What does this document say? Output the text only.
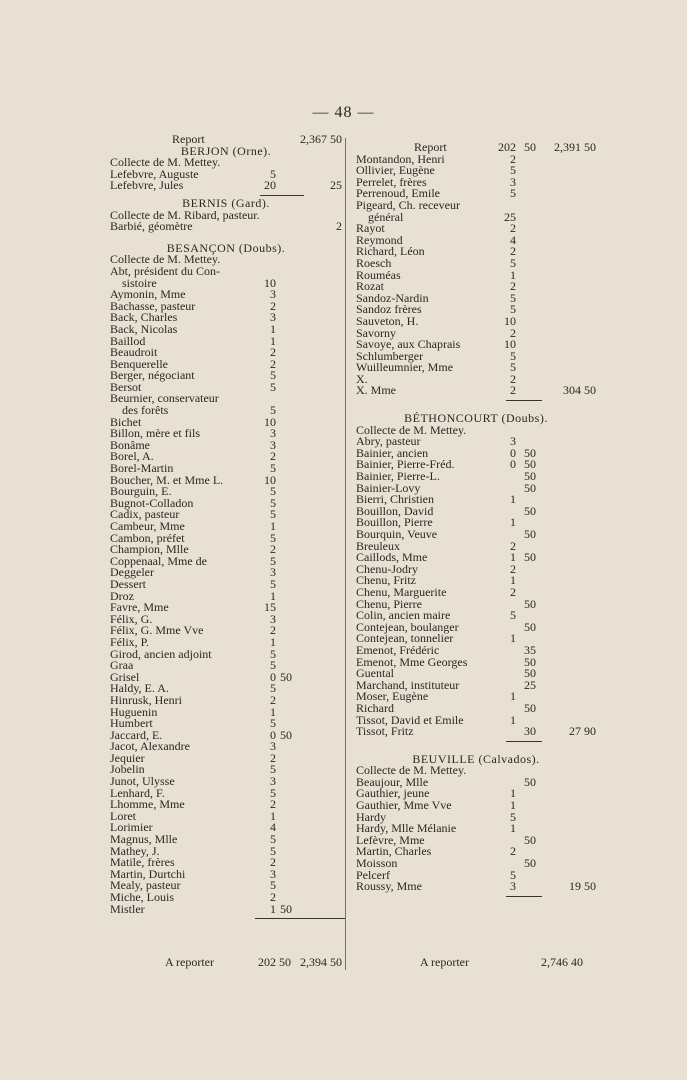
— 48 —
Report	2,367 50
BERJON (Orne).
Collecte de M. Mettey.
Lefebvre, Auguste	5
Lefebvre, Jules	20	25
BERNIS (Gard).
Collecte de M. Ribard, pasteur.
Barbié, géomètre	2
BESANÇON (Doubs).
Collecte de M. Mettey.
Abt, président du Con-
sistoire	10
Aymonin, Mme	3
Bachasse, pasteur	2
Back, Charles	3
Back, Nicolas	1
Baillod	1
Beaudroit	2
Benquerelle	2
Berger, négociant	5
Bersot	5
Beurnier, conservateur
des forêts	5
Bichet	10
Billon, mère et fils	3
Bonâme	3
Borel, A.	2
Borel-Martin	5
Boucher, M. et Mme L.	10
Bourguin, E.	5
Bugnot-Colladon	5
Cadix, pasteur	5
Cambeur, Mme	1
Cambon, préfet	5
Champion, Mlle	2
Coppenaal, Mme de	5
Deggeler	3
Dessert	5
Droz	1
Favre, Mme	15
Félix, G.	3
Félix, G. Mme Vve	2
Félix, P.	1
Girod, ancien adjoint	5
Graa	5
Grisel	0 50
Haldy, E. A.	5
Hinrusk, Henri	2
Huguenin	1
Humbert	5
Jaccard, E.	0 50
Jacot, Alexandre	3
Jequier	2
Jobelin	5
Junot, Ulysse	3
Lenhard, F.	5
Lhomme, Mme	2
Loret	1
Lorimier	4
Magnus, Mlle	5
Mathey, J.	5
Matile, frères	2
Martin, Durtchi	3
Mealy, pasteur	5
Miche, Louis	2
Mistler	1 50
Report	202 50	2,391 50
Montandon, Henri	2
Ollivier, Eugène	5
Perrelet, frères	3
Perrenoud, Emile	5
Pigeard, Ch. receveur
général	25
Rayot	2
Reymond	4
Richard, Léon	2
Roesch	5
Rouméas	1
Rozat	2
Sandoz-Nardin	5
Sandoz frères	5
Sauveton, H.	10
Savorny	2
Savoye, aux Chaprais	10
Schlumberger	5
Wuilleumnier, Mme	5
X.	2
X. Mme	2	304 50
BÉTHONCOURT (Doubs).
Collecte de M. Mettey.
Abry, pasteur	3
Bainier, ancien	0 50
Bainier, Pierre-Fréd.	0 50
Bainier, Pierre-L.	50
Bainier-Lovy	50
Bierri, Christien	1
Bouillon, David	50
Bouillon, Pierre	1
Bourquin, Veuve	50
Breuleux	2
Caillods, Mme	1 50
Chenu-Jodry	2
Chenu, Fritz	1
Chenu, Marguerite	2
Chenu, Pierre	50
Colin, ancien maire	5
Contejean, boulanger	50
Contejean, tonnelier	1
Emenot, Frédéric	35
Emenot, Mme Georges	50
Guental	50
Marchand, instituteur	25
Moser, Eugène	1
Richard	50
Tissot, David et Emile	1
Tissot, Fritz	30	27 90
BEUVILLE (Calvados).
Collecte de M. Mettey.
Beaujour, Mlle	50
Gauthier, jeune	1
Gauthier, Mme Vve	1
Hardy	5
Hardy, Mlle Mélanie	1
Lefèvre, Mme	50
Martin, Charles	2
Moisson	50
Pelcerf	5
Roussy, Mme	3	19 50
A reporter	202 50 2,394 50	A reporter	2,746 40
